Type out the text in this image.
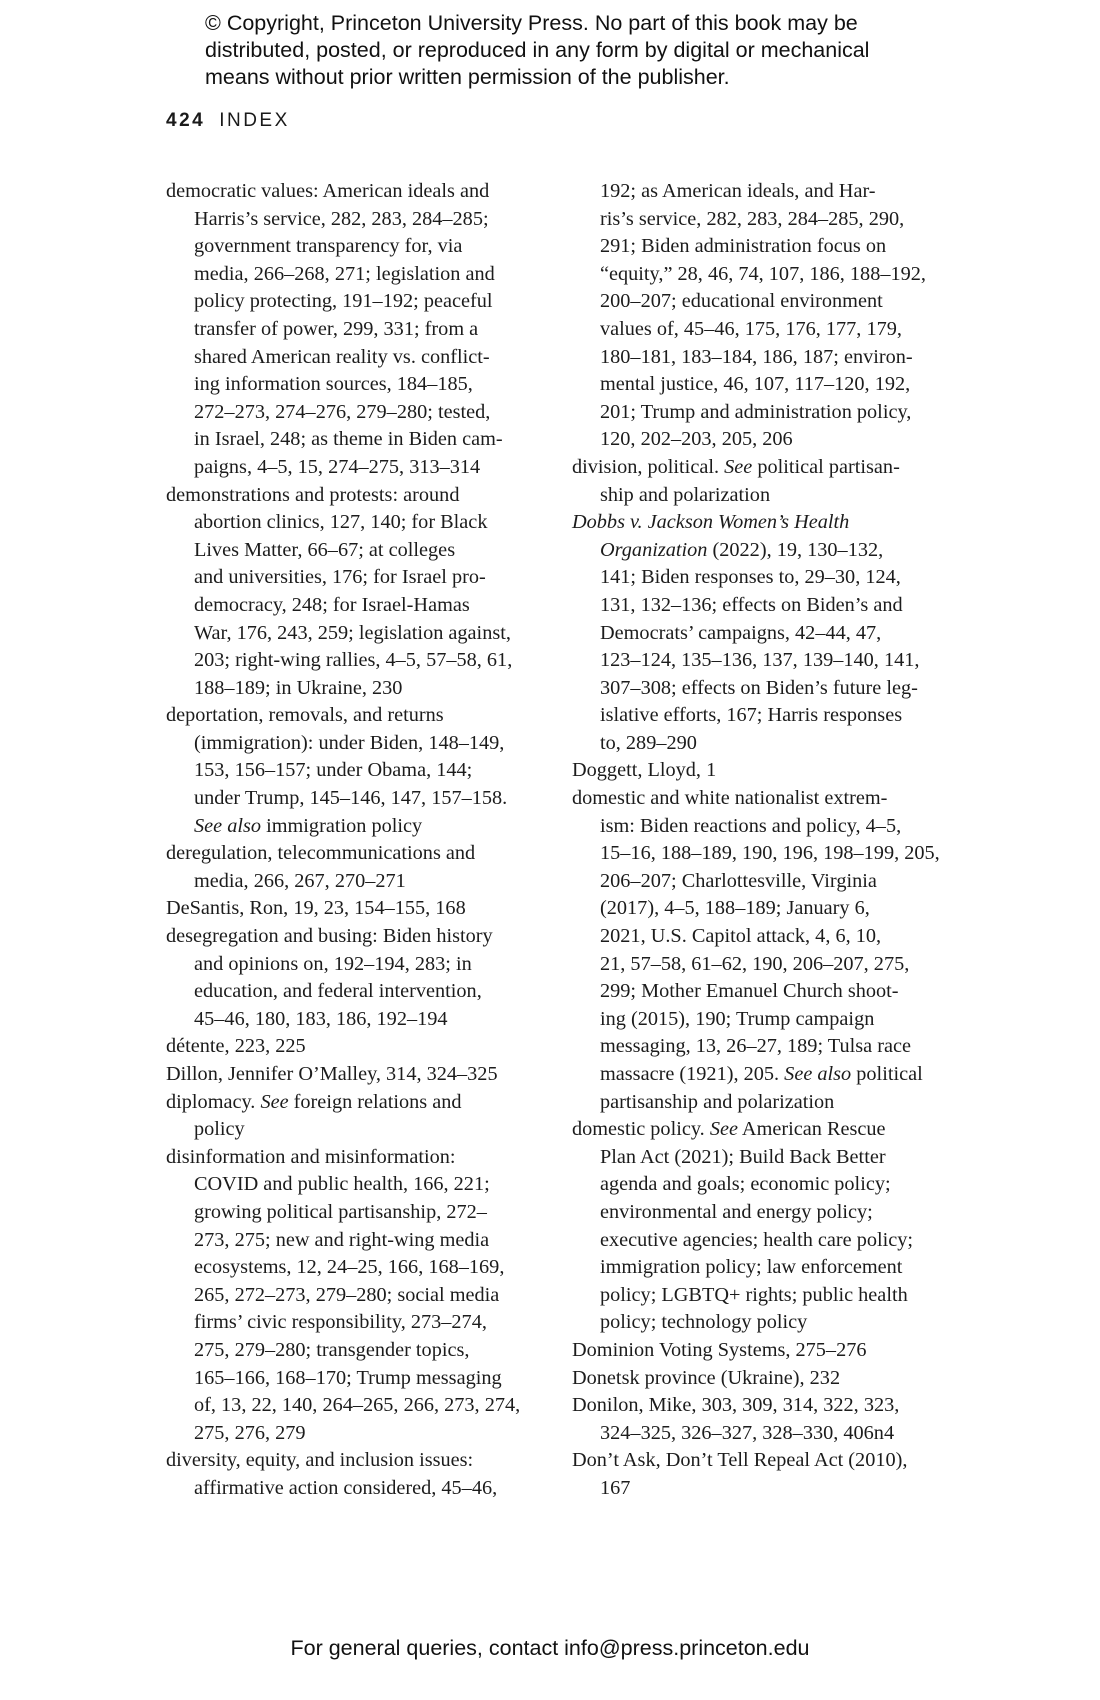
© Copyright, Princeton University Press. No part of this book may be
distributed, posted, or reproduced in any form by digital or mechanical
means without prior written permission of the publisher.
424 INDEX
democratic values: American ideals and
Harris’s service, 282, 283, 284–285;
government transparency for, via
media, 266–268, 271; legislation and
policy protecting, 191–192; peaceful
transfer of power, 299, 331; from a
shared American reality vs. conflict-
ing information sources, 184–185,
272–273, 274–276, 279–280; tested,
in Israel, 248; as theme in Biden cam-
paigns, 4–5, 15, 274–275, 313–314
demonstrations and protests: around
abortion clinics, 127, 140; for Black
Lives Matter, 66–67; at colleges
and universities, 176; for Israel pro-
democracy, 248; for Israel-Hamas
War, 176, 243, 259; legislation against,
203; right-wing rallies, 4–5, 57–58, 61,
188–189; in Ukraine, 230
deportation, removals, and returns
(immigration): under Biden, 148–149,
153, 156–157; under Obama, 144;
under Trump, 145–146, 147, 157–158.
See also immigration policy
deregulation, telecommunications and
media, 266, 267, 270–271
DeSantis, Ron, 19, 23, 154–155, 168
desegregation and busing: Biden history
and opinions on, 192–194, 283; in
education, and federal intervention,
45–46, 180, 183, 186, 192–194
détente, 223, 225
Dillon, Jennifer O’Malley, 314, 324–325
diplomacy. See foreign relations and
policy
disinformation and misinformation:
COVID and public health, 166, 221;
growing political partisanship, 272–
273, 275; new and right-wing media
ecosystems, 12, 24–25, 166, 168–169,
265, 272–273, 279–280; social media
firms’ civic responsibility, 273–274,
275, 279–280; transgender topics,
165–166, 168–170; Trump messaging
of, 13, 22, 140, 264–265, 266, 273, 274,
275, 276, 279
diversity, equity, and inclusion issues:
affirmative action considered, 45–46,
192; as American ideals, and Har-
ris’s service, 282, 283, 284–285, 290,
291; Biden administration focus on
“equity,” 28, 46, 74, 107, 186, 188–192,
200–207; educational environment
values of, 45–46, 175, 176, 177, 179,
180–181, 183–184, 186, 187; environ-
mental justice, 46, 107, 117–120, 192,
201; Trump and administration policy,
120, 202–203, 205, 206
division, political. See political partisan-
ship and polarization
Dobbs v. Jackson Women’s Health
Organization (2022), 19, 130–132,
141; Biden responses to, 29–30, 124,
131, 132–136; effects on Biden’s and
Democrats’ campaigns, 42–44, 47,
123–124, 135–136, 137, 139–140, 141,
307–308; effects on Biden’s future leg-
islative efforts, 167; Harris responses
to, 289–290
Doggett, Lloyd, 1
domestic and white nationalist extrem-
ism: Biden reactions and policy, 4–5,
15–16, 188–189, 190, 196, 198–199, 205,
206–207; Charlottesville, Virginia
(2017), 4–5, 188–189; January 6,
2021, U.S. Capitol attack, 4, 6, 10,
21, 57–58, 61–62, 190, 206–207, 275,
299; Mother Emanuel Church shoot-
ing (2015), 190; Trump campaign
messaging, 13, 26–27, 189; Tulsa race
massacre (1921), 205. See also political
partisanship and polarization
domestic policy. See American Rescue
Plan Act (2021); Build Back Better
agenda and goals; economic policy;
environmental and energy policy;
executive agencies; health care policy;
immigration policy; law enforcement
policy; LGBTQ+ rights; public health
policy; technology policy
Dominion Voting Systems, 275–276
Donetsk province (Ukraine), 232
Donilon, Mike, 303, 309, 314, 322, 323,
324–325, 326–327, 328–330, 406n4
Don’t Ask, Don’t Tell Repeal Act (2010),
167
For general queries, contact info@press.princeton.edu
